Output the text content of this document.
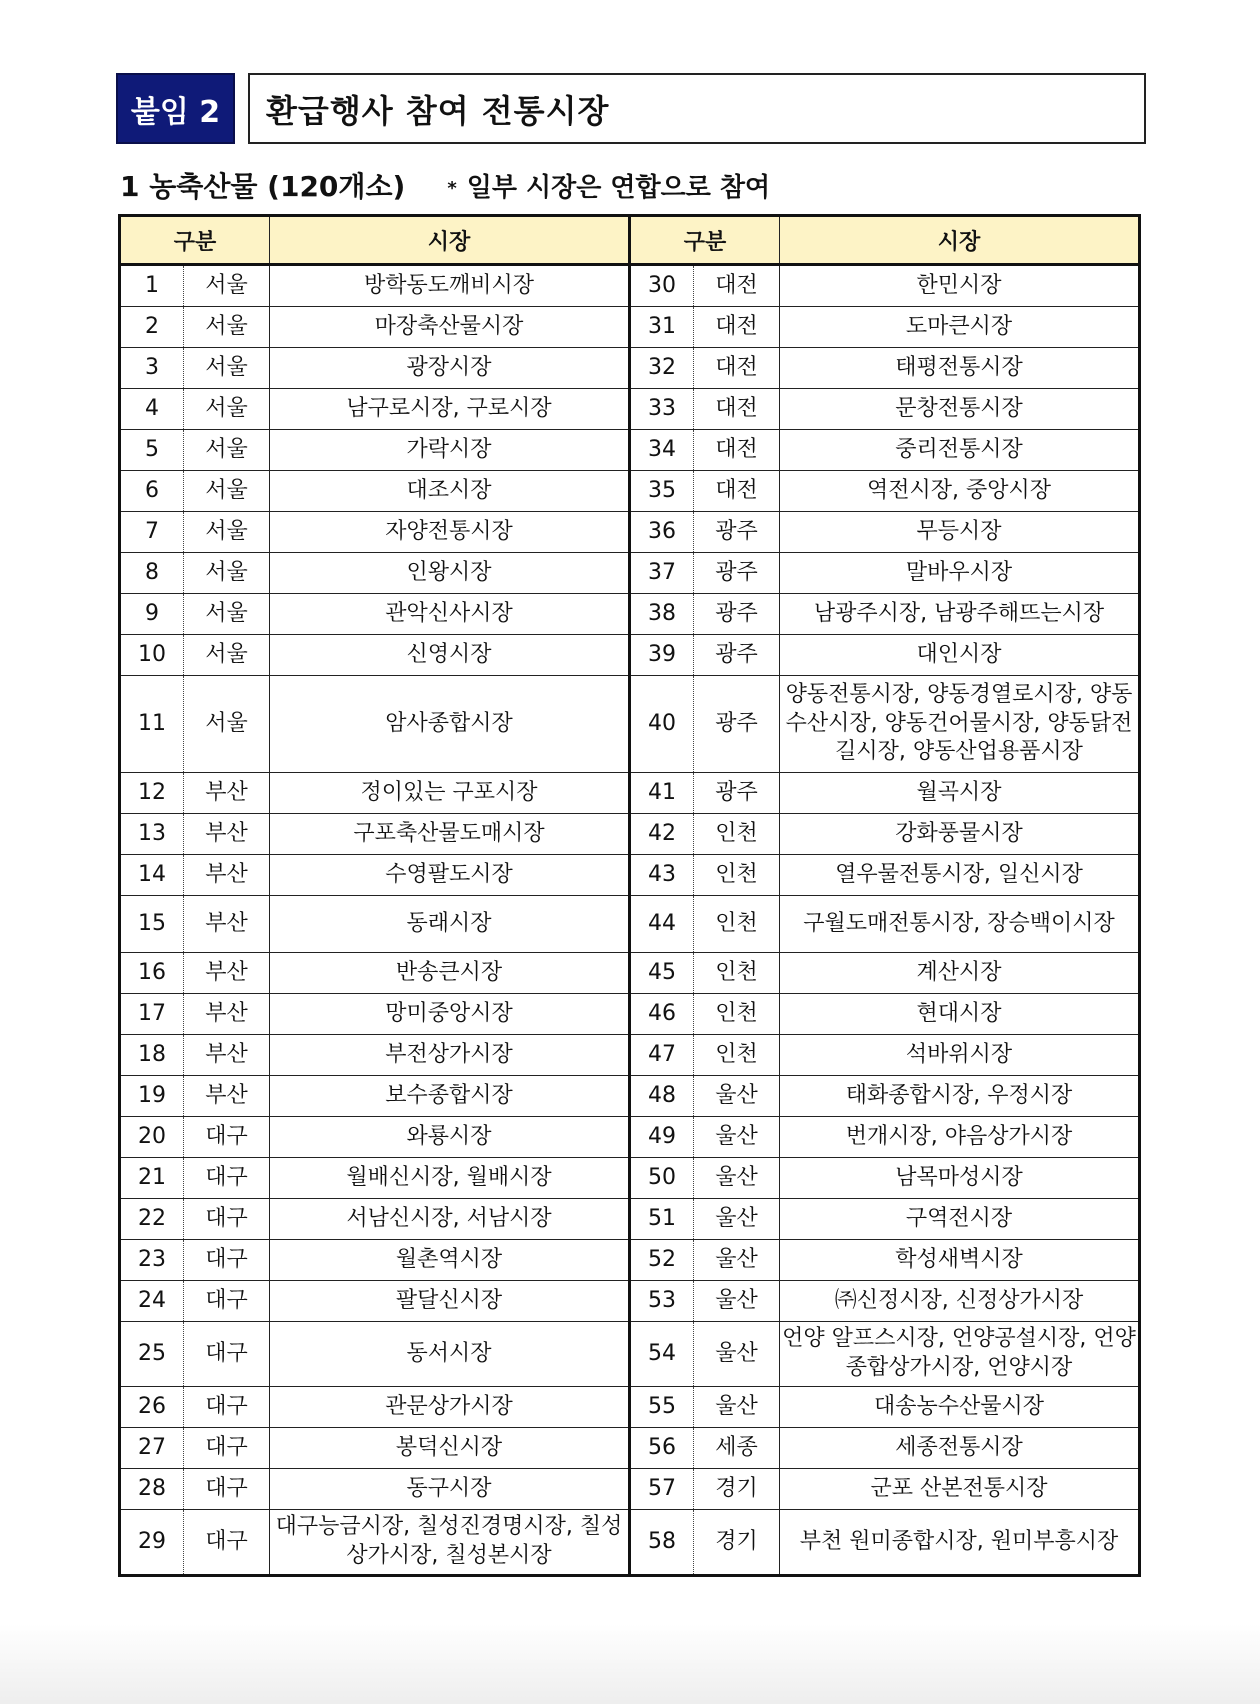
붙임 2	환급행사 참여 전통시장
1 농축산물 (120개소) * 일부 시장은 연합으로 참여
구분		시장	구분		시장
1	서울	방학동도깨비시장	30	대전	한민시장
2	서울	마장축산물시장	31	대전	도마큰시장
3	서울	광장시장	32	대전	태평전통시장
4	서울	남구로시장, 구로시장	33	대전	문창전통시장
5	서울	가락시장	34	대전	중리전통시장
6	서울	대조시장	35	대전	역전시장, 중앙시장
7	서울	자양전통시장	36	광주	무등시장
8	서울	인왕시장	37	광주	말바우시장
9	서울	관악신사시장	38	광주	남광주시장, 남광주해뜨는시장
10	서울	신영시장	39	광주	대인시장
11	서울	암사종합시장	40	광주	양동전통시장, 양동경열로시장, 양동수산시장, 양동건어물시장, 양동닭전길시장, 양동산업용품시장
12	부산	정이있는 구포시장	41	광주	월곡시장
13	부산	구포축산물도매시장	42	인천	강화풍물시장
14	부산	수영팔도시장	43	인천	열우물전통시장, 일신시장
15	부산	동래시장	44	인천	구월도매전통시장, 장승백이시장
16	부산	반송큰시장	45	인천	계산시장
17	부산	망미중앙시장	46	인천	현대시장
18	부산	부전상가시장	47	인천	석바위시장
19	부산	보수종합시장	48	울산	태화종합시장, 우정시장
20	대구	와룡시장	49	울산	번개시장, 야음상가시장
21	대구	월배신시장, 월배시장	50	울산	남목마성시장
22	대구	서남신시장, 서남시장	51	울산	구역전시장
23	대구	월촌역시장	52	울산	학성새벽시장
24	대구	팔달신시장	53	울산	㈜신정시장, 신정상가시장
25	대구	동서시장	54	울산	언양 알프스시장, 언양공설시장, 언양종합상가시장, 언양시장
26	대구	관문상가시장	55	울산	대송농수산물시장
27	대구	봉덕신시장	56	세종	세종전통시장
28	대구	동구시장	57	경기	군포 산본전통시장
29	대구	대구능금시장, 칠성진경명시장, 칠성상가시장, 칠성본시장	58	경기	부천 원미종합시장, 원미부흥시장
